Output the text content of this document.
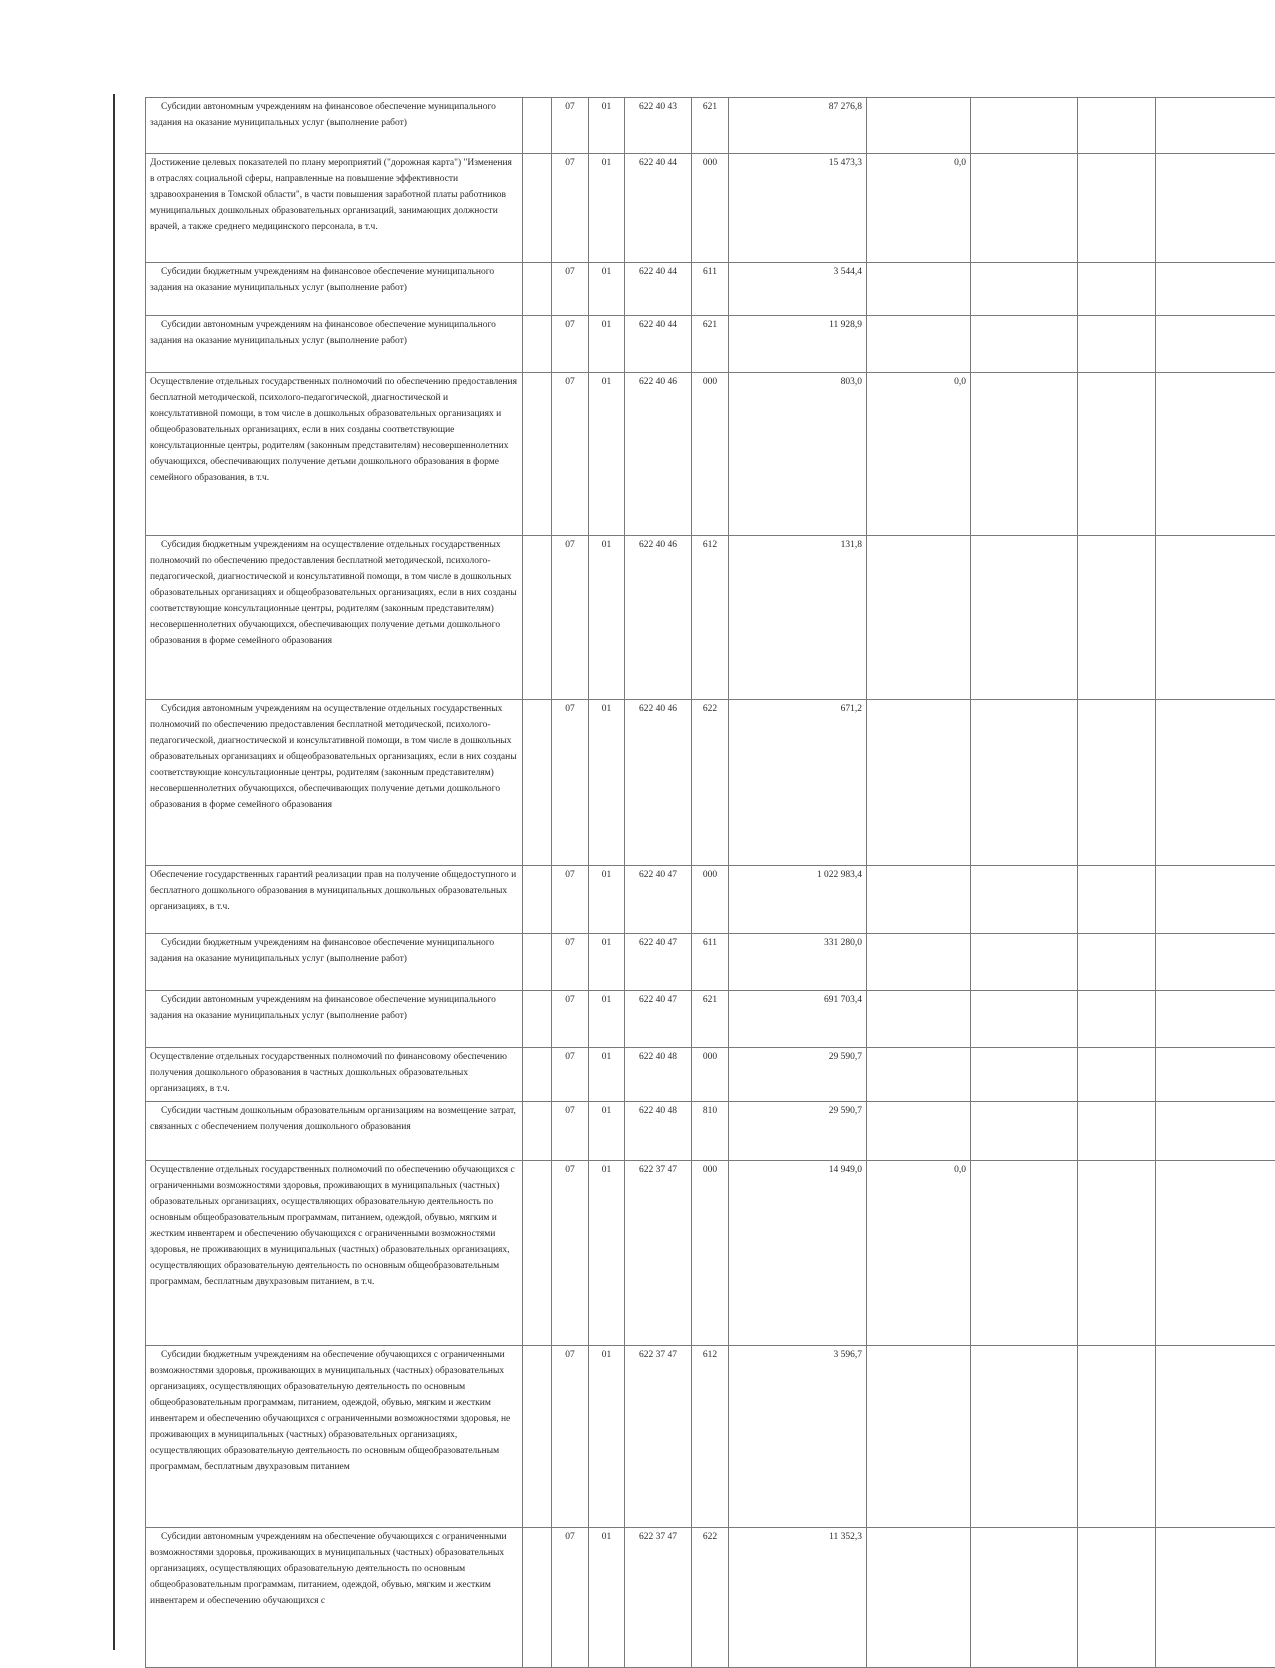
Субсидии автономным учреждениям на финансовое обеспечение муниципального задания на оказание муниципальных услуг (выполнение работ)		07	01	622 40 43	621	87 276,8				
Достижение целевых показателей по плану мероприятий ("дорожная карта") "Изменения в отраслях социальной сферы, направленные на повышение эффективности здравоохранения в Томской области", в части повышения заработной платы работников муниципальных дошкольных образовательных организаций, занимающих должности врачей, а также среднего медицинского персонала, в т.ч.		07	01	622 40 44	000	15 473,3	0,0			
Субсидии бюджетным учреждениям на финансовое обеспечение муниципального задания на оказание муниципальных услуг (выполнение работ)		07	01	622 40 44	611	3 544,4				
Субсидии автономным учреждениям на финансовое обеспечение муниципального задания на оказание муниципальных услуг (выполнение работ)		07	01	622 40 44	621	11 928,9				
Осуществление отдельных государственных полномочий по обеспечению предоставления бесплатной методической, психолого-педагогической, диагностической и консультативной помощи, в том числе в дошкольных образовательных организациях и общеобразовательных организациях, если в них созданы соответствующие консультационные центры, родителям (законным представителям) несовершеннолетних обучающихся, обеспечивающих получение детьми дошкольного образования в форме семейного образования, в т.ч.		07	01	622 40 46	000	803,0	0,0			
Субсидия бюджетным учреждениям на осуществление отдельных государственных полномочий по обеспечению предоставления бесплатной методической, психолого-педагогической, диагностической и консультативной помощи, в том числе в дошкольных образовательных организациях и общеобразовательных организациях, если в них созданы соответствующие консультационные центры, родителям (законным представителям) несовершеннолетних обучающихся, обеспечивающих получение детьми дошкольного образования в форме семейного образования		07	01	622 40 46	612	131,8				
Субсидия автономным учреждениям на осуществление отдельных государственных полномочий по обеспечению предоставления бесплатной методической, психолого-педагогической, диагностической и консультативной помощи, в том числе в дошкольных образовательных организациях и общеобразовательных организациях, если в них созданы соответствующие консультационные центры, родителям (законным представителям) несовершеннолетних обучающихся, обеспечивающих получение детьми дошкольного образования в форме семейного образования		07	01	622 40 46	622	671,2				
Обеспечение государственных гарантий реализации прав на получение общедоступного и бесплатного дошкольного образования в муниципальных дошкольных образовательных организациях, в т.ч.		07	01	622 40 47	000	1 022 983,4				
Субсидии бюджетным учреждениям на финансовое обеспечение муниципального задания на оказание муниципальных услуг (выполнение работ)		07	01	622 40 47	611	331 280,0				
Субсидии автономным учреждениям на финансовое обеспечение муниципального задания на оказание муниципальных услуг (выполнение работ)		07	01	622 40 47	621	691 703,4				
Осуществление отдельных государственных полномочий по финансовому обеспечению получения дошкольного образования в частных дошкольных образовательных организациях, в т.ч.		07	01	622 40 48	000	29 590,7				
Субсидии частным дошкольным образовательным организациям на возмещение затрат, связанных с обеспечением получения дошкольного образования		07	01	622 40 48	810	29 590,7				
Осуществление отдельных государственных полномочий по обеспечению обучающихся с ограниченными возможностями здоровья, проживающих в муниципальных (частных) образовательных организациях, осуществляющих образовательную деятельность по основным общеобразовательным программам, питанием, одеждой, обувью, мягким и жестким инвентарем и обеспечению обучающихся с ограниченными возможностями здоровья, не проживающих в муниципальных (частных) образовательных организациях, осуществляющих образовательную деятельность по основным общеобразовательным программам, бесплатным двухразовым питанием, в т.ч.		07	01	622 37 47	000	14 949,0	0,0			
Субсидии бюджетным учреждениям на обеспечение обучающихся с ограниченными возможностями здоровья, проживающих в муниципальных (частных) образовательных организациях, осуществляющих образовательную деятельность по основным общеобразовательным программам, питанием, одеждой, обувью, мягким и жестким инвентарем и обеспечению обучающихся с ограниченными возможностями здоровья, не проживающих в муниципальных (частных) образовательных организациях, осуществляющих образовательную деятельность по основным общеобразовательным программам, бесплатным двухразовым питанием		07	01	622 37 47	612	3 596,7				
Субсидии автономным учреждениям на обеспечение обучающихся с ограниченными возможностями здоровья, проживающих в муниципальных (частных) образовательных организациях, осуществляющих образовательную деятельность по основным общеобразовательным программам, питанием, одеждой, обувью, мягким и жестким инвентарем и обеспечению обучающихся с		07	01	622 37 47	622	11 352,3				
